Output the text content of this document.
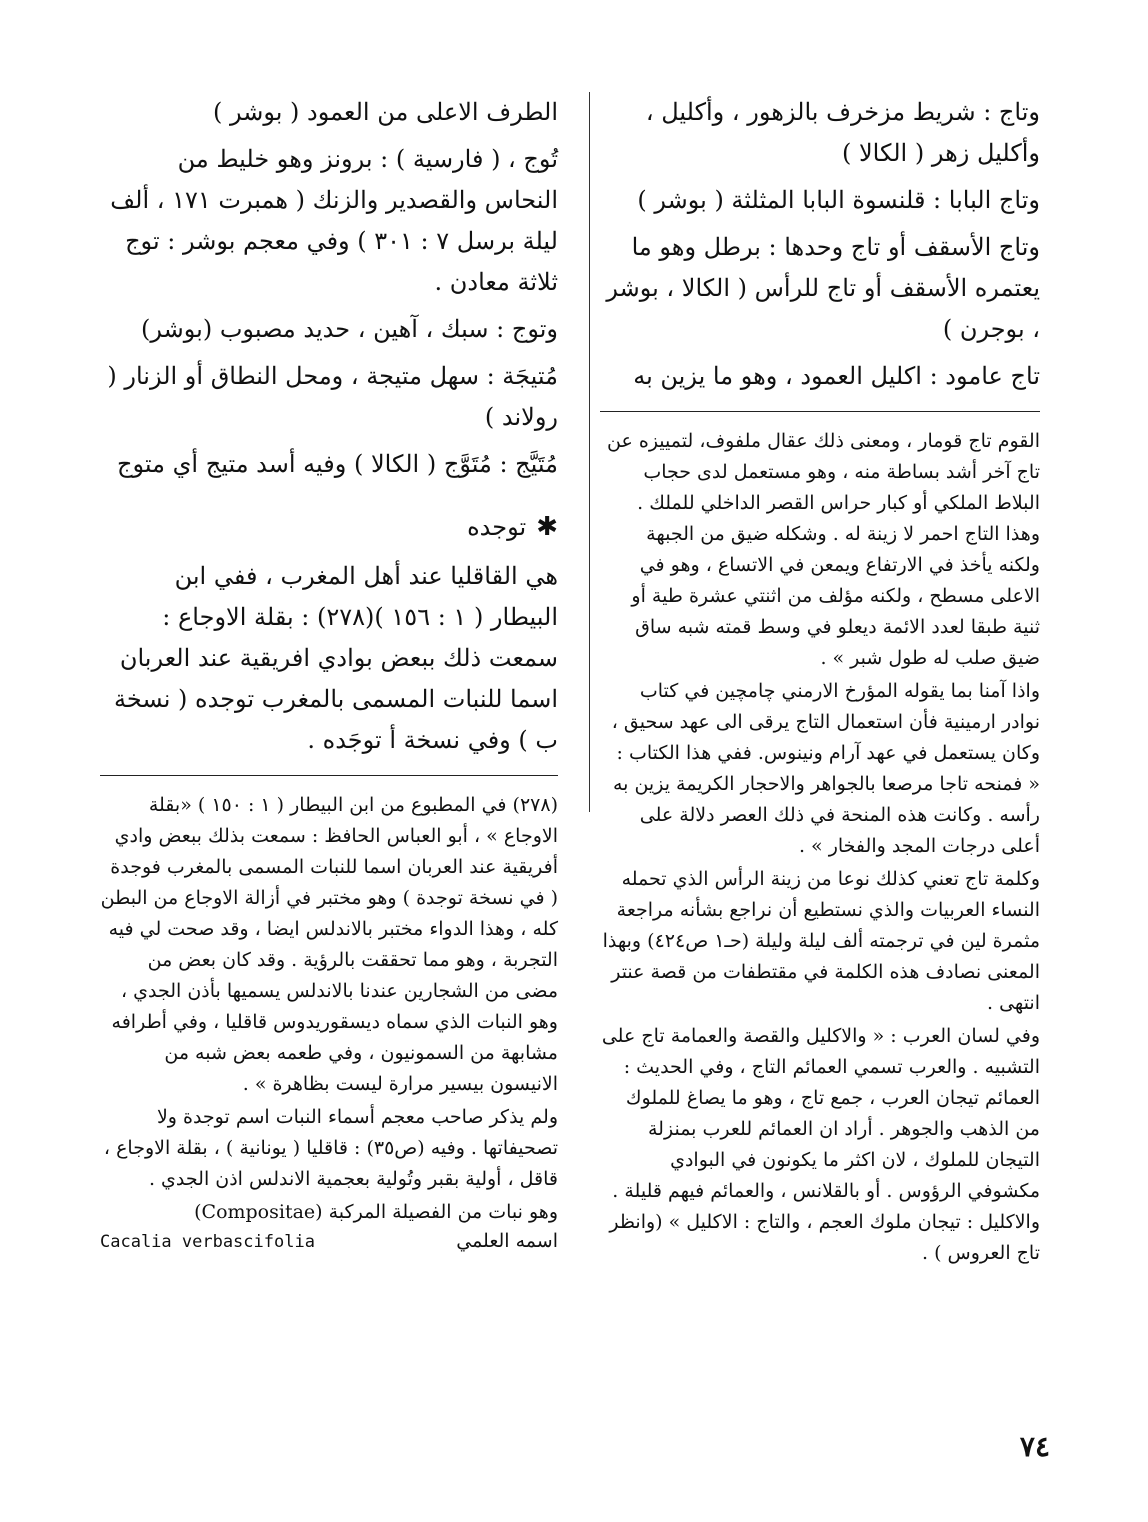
وتاج : شريط مزخرف بالزهور ، وأكليل ، وأكليل زهر ( الكالا )

وتاج البابا : قلنسوة البابا المثلثة ( بوشر )

وتاج الأسقف أو تاج وحدها : برطل وهو ما يعتمره الأسقف أو تاج للرأس ( الكالا ، بوشر ، بوجرن )

تاج عامود : اكليل العمود ، وهو ما يزين به

القوم تاج قومار ، ومعنى ذلك عقال ملفوف، لتمييزه عن تاج آخر أشد بساطة منه ، وهو مستعمل لدى حجاب البلاط الملكي أو كبار حراس القصر الداخلي للملك . وهذا التاج احمر لا زينة له . وشكله ضيق من الجبهة ولكنه يأخذ في الارتفاع ويمعن في الاتساع ، وهو في الاعلى مسطح ، ولكنه مؤلف من اثنتي عشرة طية أو ثنية طبقا لعدد الائمة ديعلو في وسط قمته شبه ساق ضيق صلب له طول شبر » .

واذا آمنا بما يقوله المؤرخ الارمني چامچين في كتاب نوادر ارمينية فأن استعمال التاج يرقى الى عهد سحيق ، وكان يستعمل في عهد آرام ونينوس. ففي هذا الكتاب : « فمنحه تاجا مرصعا بالجواهر والاحجار الكريمة يزين به رأسه . وكانت هذه المنحة في ذلك العصر دلالة على أعلى درجات المجد والفخار » .

وكلمة تاج تعني كذلك نوعا من زينة الرأس الذي تحمله النساء العربيات والذي نستطيع أن نراجع بشأنه مراجعة مثمرة لين في ترجمته ألف ليلة وليلة (حـ١ ص٤٢٤) وبهذا المعنى نصادف هذه الكلمة في مقتطفات من قصة عنتر انتهى .

وفي لسان العرب : « والاكليل والقصة والعمامة تاج على التشبيه . والعرب تسمي العمائم التاج ، وفي الحديث : العمائم تيجان العرب ، جمع تاج ، وهو ما يصاغ للملوك من الذهب والجوهر . أراد ان العمائم للعرب بمنزلة التيجان للملوك ، لان اكثر ما يكونون في البوادي مكشوفي الرؤوس . أو بالقلانس ، والعمائم فيهم قليلة . والاكليل : تيجان ملوك العجم ، والتاج : الاكليل » (وانظر تاج العروس ) .

الطرف الاعلى من العمود ( بوشر )

تُوج ، ( فارسية ) : برونز وهو خليط من النحاس والقصدير والزنك ( همبرت ١٧١ ، ألف ليلة برسل ٧ : ٣٠١ ) وفي معجم بوشر : توج ثلاثة معادن .

وتوج : سبك ، آهين ، حديد مصبوب (بوشر)

مُتيجَة : سهل متيجة ، ومحل النطاق أو الزنار ( رولاند )

مُتَيَّج : مُتَوَّج ( الكالا ) وفيه أسد متيج أي متوج

✱توجده

هي القاقليا عند أهل المغرب ، ففي ابن البيطار ( ١ : ١٥٦ )(٢٧٨) : بقلة الاوجاع : سمعت ذلك ببعض بوادي افريقية عند العربان اسما للنبات المسمى بالمغرب توجده ( نسخة ب ) وفي نسخة أ توجَده .

(٢٧٨) في المطبوع من ابن البيطار ( ١ : ١٥٠ ) «بقلة الاوجاع » ، أبو العباس الحافظ : سمعت بذلك ببعض وادي أفريقية عند العربان اسما للنبات المسمى بالمغرب فوجدة ( في نسخة توجدة ) وهو مختبر في أزالة الاوجاع من البطن كله ، وهذا الدواء مختبر بالاندلس ايضا ، وقد صحت لي فيه التجربة ، وهو مما تحققت بالرؤية . وقد كان بعض من مضى من الشجارين عندنا بالاندلس يسميها بأذن الجدي ، وهو النبات الذي سماه ديسقوريدوس قاقليا ، وفي أطرافه مشابهة من السمونيون ، وفي طعمه بعض شبه من الانيسون بيسير مرارة ليست بظاهرة » .

ولم يذكر صاحب معجم أسماء النبات اسم توجدة ولا تصحيفاتها . وفيه (ص٣٥) : قاقليا ( يونانية ) ، بقلة الاوجاع ، قاقل ، أولية بقبر وتُولية بعجمية الاندلس اذن الجدي .

وهو نبات من الفصيلة المركبة (Compositae)

اسمه العلمي
Cacalia verbascifolia
٧٤
